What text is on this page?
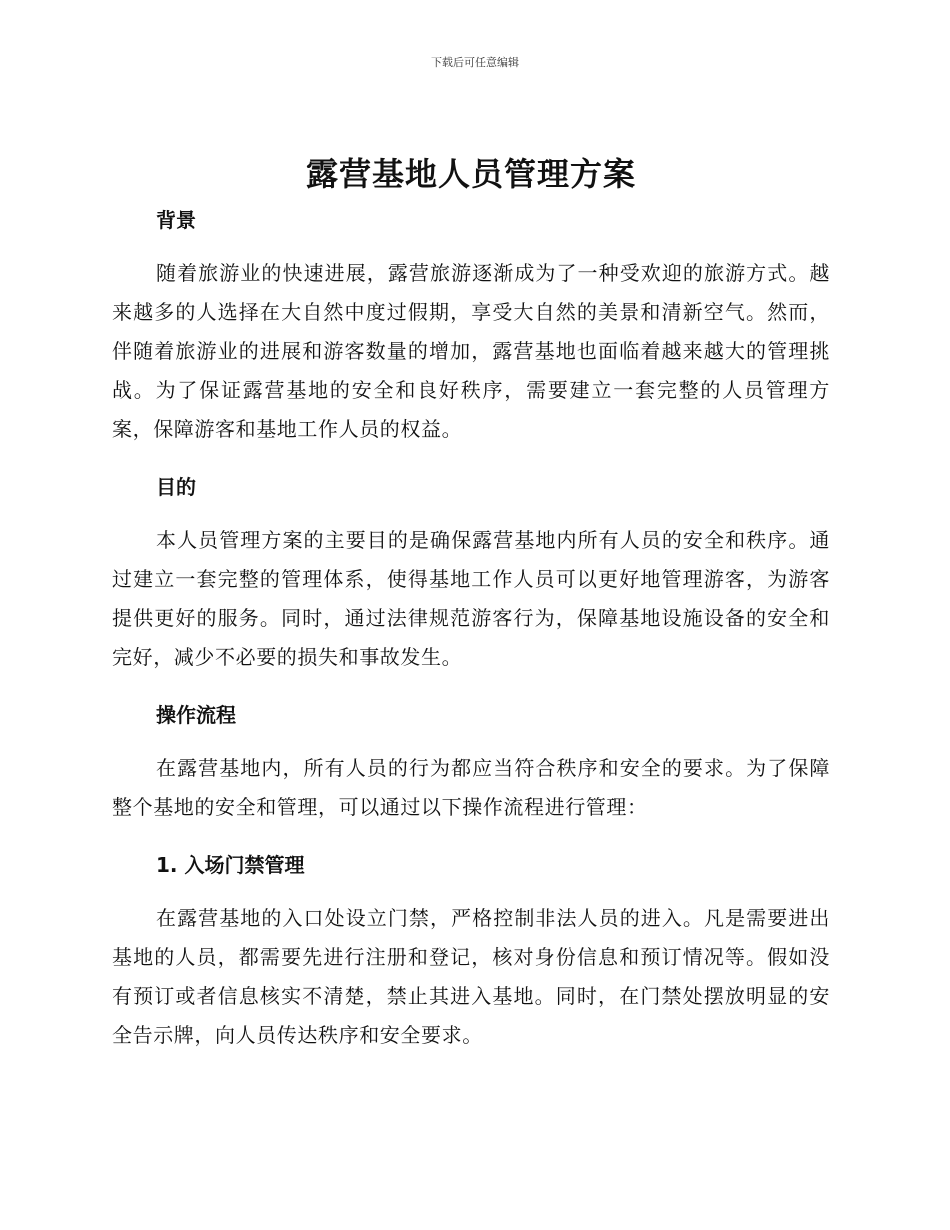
下载后可任意编辑
露营基地人员管理方案
背景

随着旅游业的快速进展，露营旅游逐渐成为了一种受欢迎的旅游方式。越来越多的人选择在大自然中度过假期，享受大自然的美景和清新空气。然而，伴随着旅游业的进展和游客数量的增加，露营基地也面临着越来越大的管理挑战。为了保证露营基地的安全和良好秩序，需要建立一套完整的人员管理方案，保障游客和基地工作人员的权益。

目的

本人员管理方案的主要目的是确保露营基地内所有人员的安全和秩序。通过建立一套完整的管理体系，使得基地工作人员可以更好地管理游客，为游客提供更好的服务。同时，通过法律规范游客行为，保障基地设施设备的安全和完好，减少不必要的损失和事故发生。

操作流程

在露营基地内，所有人员的行为都应当符合秩序和安全的要求。为了保障整个基地的安全和管理，可以通过以下操作流程进行管理：

1. 入场门禁管理

在露营基地的入口处设立门禁，严格控制非法人员的进入。凡是需要进出基地的人员，都需要先进行注册和登记，核对身份信息和预订情况等。假如没有预订或者信息核实不清楚，禁止其进入基地。同时，在门禁处摆放明显的安全告示牌，向人员传达秩序和安全要求。
